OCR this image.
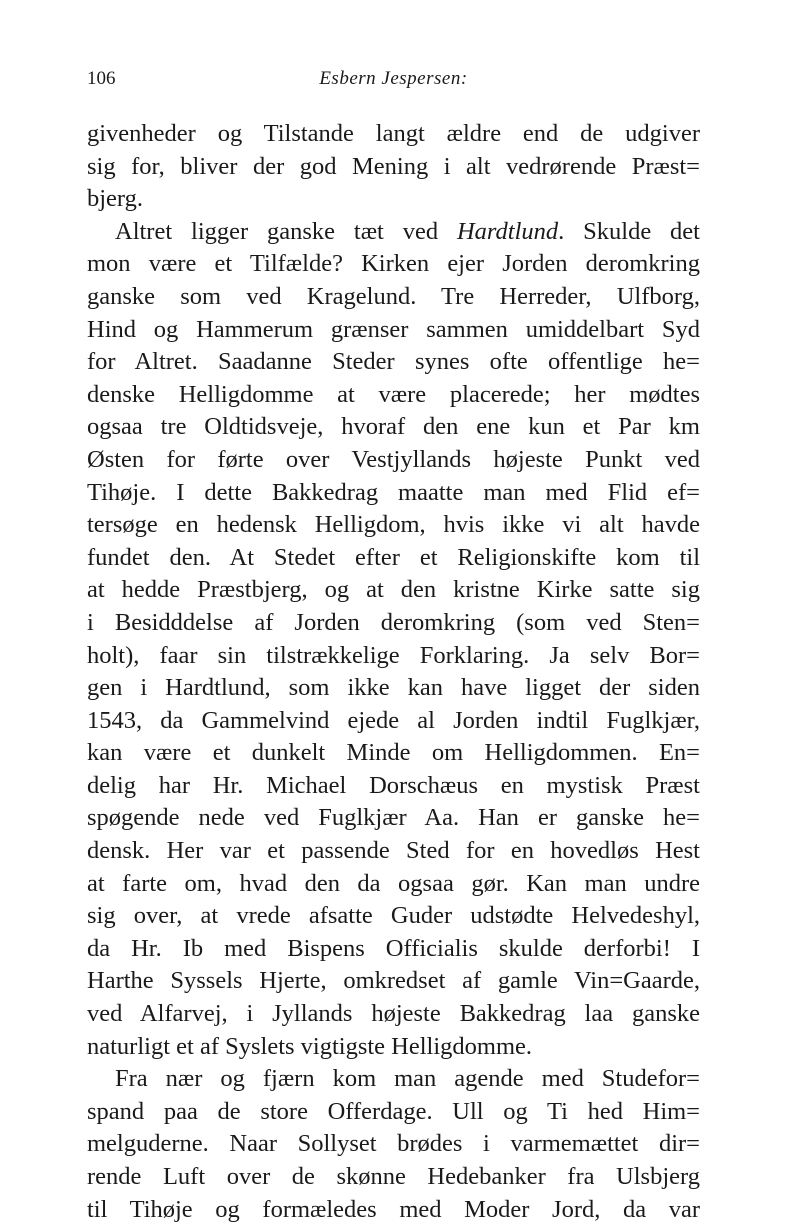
106	Esbern Jespersen:

givenheder og Tilstande langt ældre end de udgiver
sig for, bliver der god Mening i alt vedrørende Præst=
bjerg.

Altret ligger ganske tæt ved Hardtlund. Skulde det
mon være et Tilfælde? Kirken ejer Jorden deromkring
ganske som ved Kragelund. Tre Herreder, Ulfborg,
Hind og Hammerum grænser sammen umiddelbart Syd
for Altret. Saadanne Steder synes ofte offentlige he=
denske Helligdomme at være placerede; her mødtes
ogsaa tre Oldtidsveje, hvoraf den ene kun et Par km
Østen for førte over Vestjyllands højeste Punkt ved
Tihøje. I dette Bakkedrag maatte man med Flid ef=
tersøge en hedensk Helligdom, hvis ikke vi alt havde
fundet den. At Stedet efter et Religionskifte kom til
at hedde Præstbjerg, og at den kristne Kirke satte sig
i Besidddelse af Jorden deromkring (som ved Sten=
holt), faar sin tilstrækkelige Forklaring. Ja selv Bor=
gen i Hardtlund, som ikke kan have ligget der siden
1543, da Gammelvind ejede al Jorden indtil Fuglkjær,
kan være et dunkelt Minde om Helligdommen. En=
delig har Hr. Michael Dorschæus en mystisk Præst
spøgende nede ved Fuglkjær Aa. Han er ganske he=
densk. Her var et passende Sted for en hovedløs Hest
at farte om, hvad den da ogsaa gør. Kan man undre
sig over, at vrede afsatte Guder udstødte Helvedeshyl,
da Hr. Ib med Bispens Officialis skulde derforbi! I
Harthe Syssels Hjerte, omkredset af gamle Vin=Gaarde,
ved Alfarvej, i Jyllands højeste Bakkedrag laa ganske
naturligt et af Syslets vigtigste Helligdomme.

Fra nær og fjærn kom man agende med Studefor=
spand paa de store Offerdage. Ull og Ti hed Him=
melguderne. Naar Sollyset brødes i varmemættet dir=
rende Luft over de skønne Hedebanker fra Ulsbjerg
til Tihøje og formæledes med Moder Jord, da var
